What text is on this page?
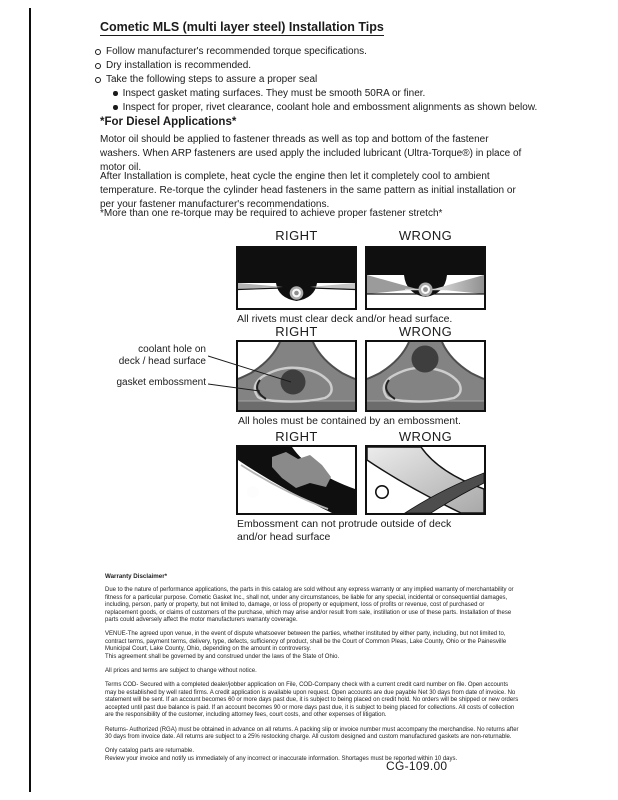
Cometic MLS (multi layer steel) Installation Tips
Follow manufacturer's recommended torque specifications.
Dry installation is recommended.
Take the following steps to assure a proper seal
Inspect gasket mating surfaces. They must be smooth 50RA or finer.
Inspect for proper, rivet clearance, coolant hole and embossment alignments as shown below.
*For Diesel Applications*
Motor oil should be applied to fastener threads as well as top and bottom of the fastener washers. When ARP fasteners are used apply the included lubricant (Ultra-Torque®) in place of motor oil.
After Installation is complete, heat cycle the engine then let it completely cool to ambient temperature. Re-torque the cylinder head fasteners in the same pattern as initial installation or per your fastener manufacturer's recommendations.
*More than one re-torque may be required to achieve proper fastener stretch*
RIGHT	WRONG
All rivets must clear deck and/or head surface.
RIGHT	WRONG
coolant hole on
deck / head surface
gasket embossment
All holes must be contained by an embossment.
RIGHT	WRONG
Embossment can not protrude outside of deck
and/or head surface
Warranty Disclaimer*

Due to the nature of performance applications, the parts in this catalog are sold without any express warranty or any implied warranty of merchantability or fitness for a particular purpose. Cometic Gasket Inc., shall not, under any circumstances, be liable for any special, incidental or consequential damages, including, person, party or property, but not limited to, damage, or loss of property or equipment, loss of profits or revenue, cost of purchased or replacement goods, or claims of customers of the purchase, which may arise and/or result from sale, instillation or use of these parts. Installation of these parts could adversely affect the motor manufacturers warranty coverage.

VENUE-The agreed upon venue, in the event of dispute whatsoever between the parties, whether instituted by either party, including, but not limited to, contract terms, payment terms, delivery, type, defects, sufficiency of product, shall be the Court of Common Pleas, Lake County, Ohio or the Painesville Municipal Court, Lake County, Ohio, depending on the amount in controversy.

This agreement shall be governed by and construed under the laws of the State of Ohio.

All prices and terms are subject to change without notice.

Terms COD- Secured with a completed dealer/jobber application on File, COD-Company check with a current credit card number on file. Open accounts may be established by well rated firms. A credit application is available upon request. Open accounts are due payable Net 30 days from date of invoice. No statement will be sent. If an account becomes 60 or more days past due, it is subject to being placed on credit hold. No orders will be shipped or new orders accepted until past due balance is paid. If an account becomes 90 or more days past due, it is subject to being placed for collections. All costs of collection are the responsibility of the customer, including attorney fees, court costs, and other expenses of litigation.

Returns- Authorized (RGA) must be obtained in advance on all returns. A packing slip or invoice number must accompany the merchandise. No returns after 30 days from invoice date. All returns are subject to a 25% restocking charge. All custom designed and custom manufactured gaskets are non-returnable.

Only catalog parts are returnable.

Review your invoice and notify us immediately of any incorrect or inaccurate information. Shortages must be reported within 10 days.

CG-109.00
